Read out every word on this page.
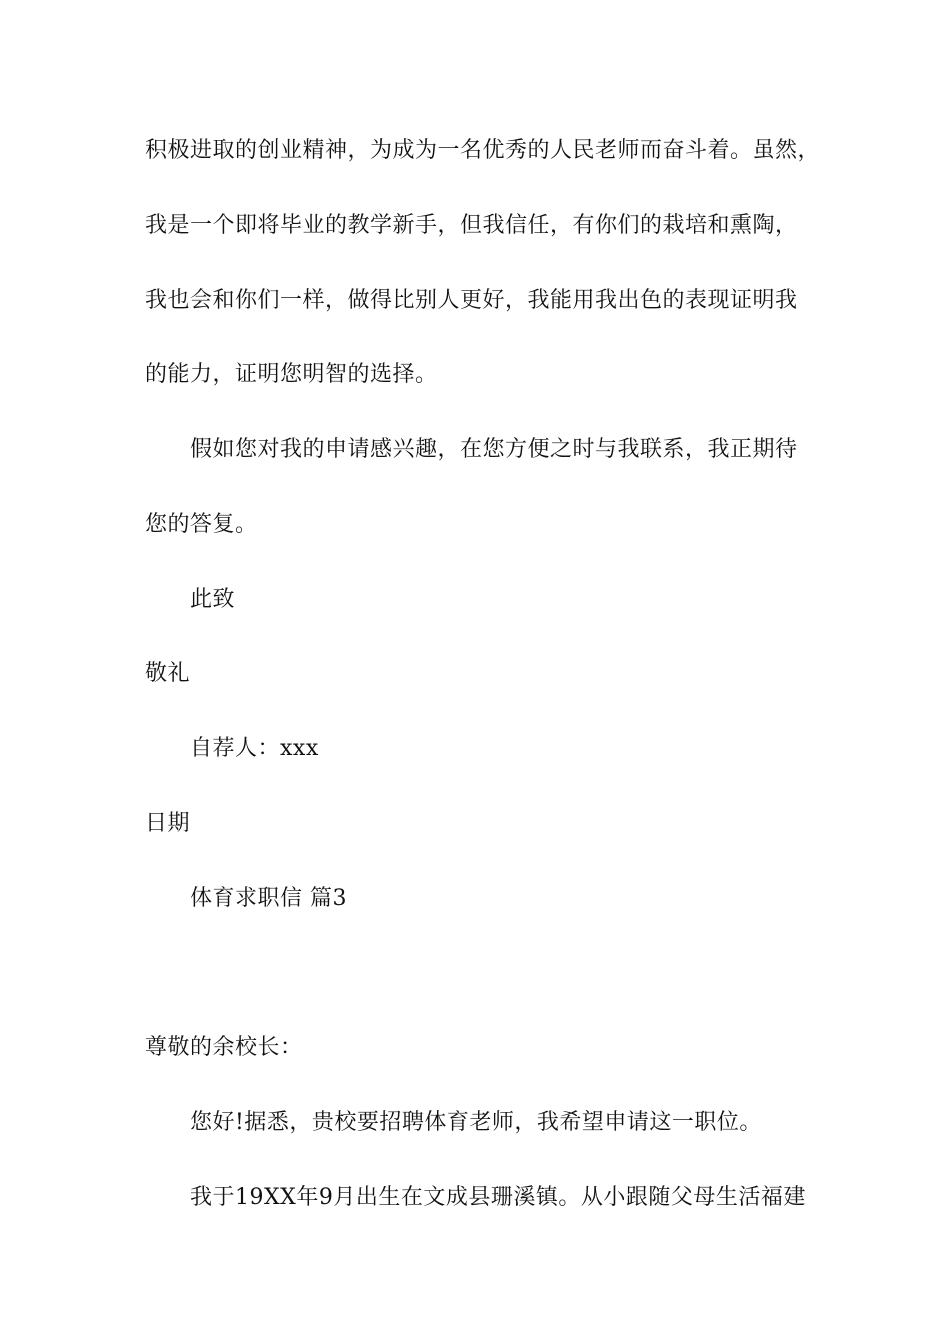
积极进取的创业精神，为成为一名优秀的人民老师而奋斗着。虽然，
我是一个即将毕业的教学新手，但我信任，有你们的栽培和熏陶，
我也会和你们一样，做得比别人更好，我能用我出色的表现证明我
的能力，证明您明智的选择。
假如您对我的申请感兴趣，在您方便之时与我联系，我正期待
您的答复。
此致
敬礼
自荐人：xxx
日期
体育求职信 篇3
尊敬的余校长：
您好!据悉，贵校要招聘体育老师，我希望申请这一职位。
我于19XX年9月出生在文成县珊溪镇。从小跟随父母生活福建
